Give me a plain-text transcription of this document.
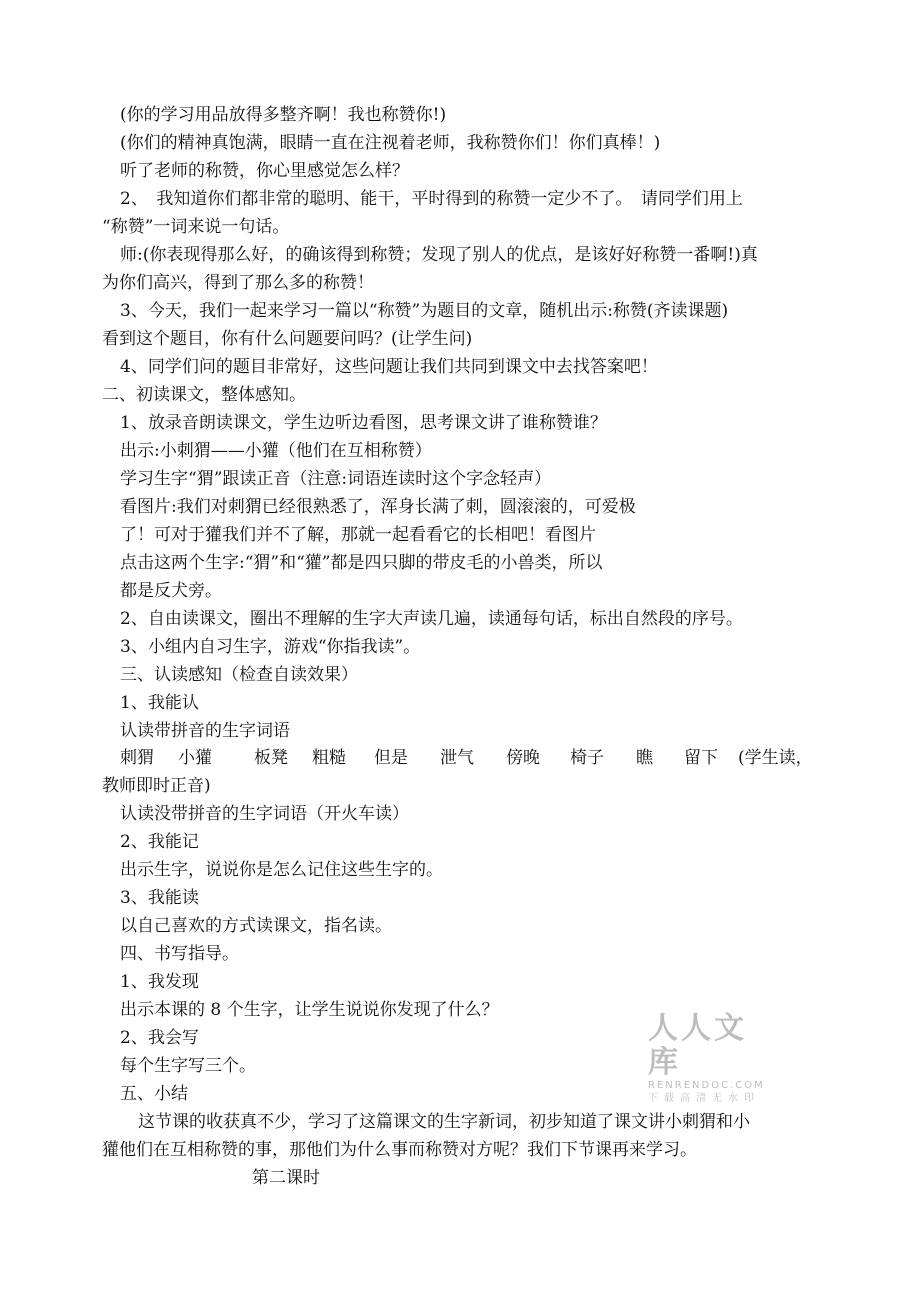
(你的学习用品放得多整齐啊！我也称赞你!)
(你们的精神真饱满，眼睛一直在注视着老师，我称赞你们！你们真棒！)
听了老师的称赞，你心里感觉怎么样？
2、　我知道你们都非常的聪明、能干，平时得到的称赞一定少不了。　请同学们用上
“称赞”一词来说一句话。
师:(你表现得那么好，的确该得到称赞；发现了别人的优点，是该好好称赞一番啊!)真
为你们高兴，得到了那么多的称赞！
3、今天，我们一起来学习一篇以“称赞”为题目的文章，随机出示:称赞(齐读课题)
看到这个题目，你有什么问题要问吗？(让学生问)
4、同学们问的题目非常好，这些问题让我们共同到课文中去找答案吧！
二、初读课文，整体感知。
1、放录音朗读课文，学生边听边看图，思考课文讲了谁称赞谁？
出示:小刺猬——小獾（他们在互相称赞）
学习生字“猬”跟读正音（注意:词语连读时这个字念轻声）
看图片:我们对刺猬已经很熟悉了，浑身长满了刺，圆滚滚的，可爱极
了！可对于獾我们并不了解，那就一起看看它的长相吧！看图片
点击这两个生字:“猬”和“獾”都是四只脚的带皮毛的小兽类，所以
都是反犬旁。
2、自由读课文，圈出不理解的生字大声读几遍，读通每句话，标出自然段的序号。
3、小组内自习生字，游戏“你指我读”。
三、认读感知（检查自读效果）
1、我能认
认读带拼音的生字词语
刺猬 小獾 板凳 粗糙 但是 泄气 傍晚 椅子 瞧 留下 (学生读，
教师即时正音)
认读没带拼音的生字词语（开火车读）
2、我能记
出示生字，说说你是怎么记住这些生字的。
3、我能读
以自己喜欢的方式读课文，指名读。
四、书写指导。
1、我发现
出示本课的 8 个生字，让学生说说你发现了什么？
2、我会写
每个生字写三个。
五、小结
这节课的收获真不少，学习了这篇课文的生字新词，初步知道了课文讲小刺猬和小
獾他们在互相称赞的事，那他们为什么事而称赞对方呢？我们下节课再来学习。
第二课时
人人文库
RENRENDOC.COM
下载高清无水印
